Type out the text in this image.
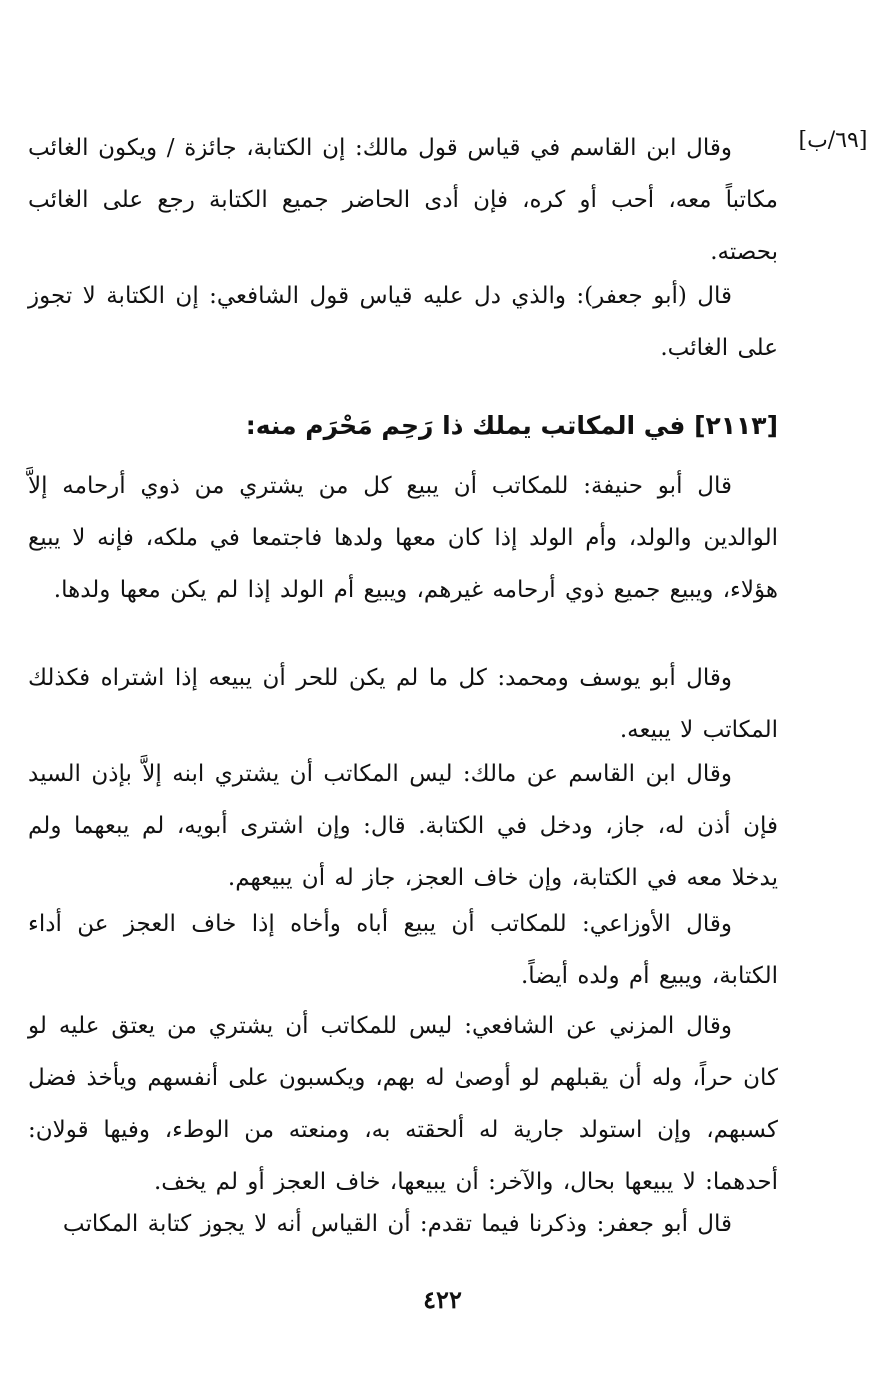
[٦٩/ب]

وقال ابن القاسم في قياس قول مالك: إن الكتابة، جائزة / ويكون الغائب مكاتباً معه، أحب أو كره، فإن أدى الحاضر جميع الكتابة رجع على الغائب بحصته.

قال (أبو جعفر): والذي دل عليه قياس قول الشافعي: إن الكتابة لا تجوز على الغائب.

[٢١١٣] في المكاتب يملك ذا رَحِم مَحْرَم منه:

قال أبو حنيفة: للمكاتب أن يبيع كل من يشتري من ذوي أرحامه إلاَّ الوالدين والولد، وأم الولد إذا كان معها ولدها فاجتمعا في ملكه، فإنه لا يبيع هؤلاء، ويبيع جميع ذوي أرحامه غيرهم، ويبيع أم الولد إذا لم يكن معها ولدها.

وقال أبو يوسف ومحمد: كل ما لم يكن للحر أن يبيعه إذا اشتراه فكذلك المكاتب لا يبيعه.

وقال ابن القاسم عن مالك: ليس المكاتب أن يشتري ابنه إلاَّ بإذن السيد فإن أذن له، جاز، ودخل في الكتابة. قال: وإن اشترى أبويه، لم يبعهما ولم يدخلا معه في الكتابة، وإن خاف العجز، جاز له أن يبيعهم.

وقال الأوزاعي: للمكاتب أن يبيع أباه وأخاه إذا خاف العجز عن أداء الكتابة، ويبيع أم ولده أيضاً.

وقال المزني عن الشافعي: ليس للمكاتب أن يشتري من يعتق عليه لو كان حراً، وله أن يقبلهم لو أوصىٰ له بهم، ويكسبون على أنفسهم ويأخذ فضل كسبهم، وإن استولد جارية له ألحقته به، ومنعته من الوطء، وفيها قولان: أحدهما: لا يبيعها بحال، والآخر: أن يبيعها، خاف العجز أو لم يخف.

قال أبو جعفر: وذكرنا فيما تقدم: أن القياس أنه لا يجوز كتابة المكاتب

٤٢٢
